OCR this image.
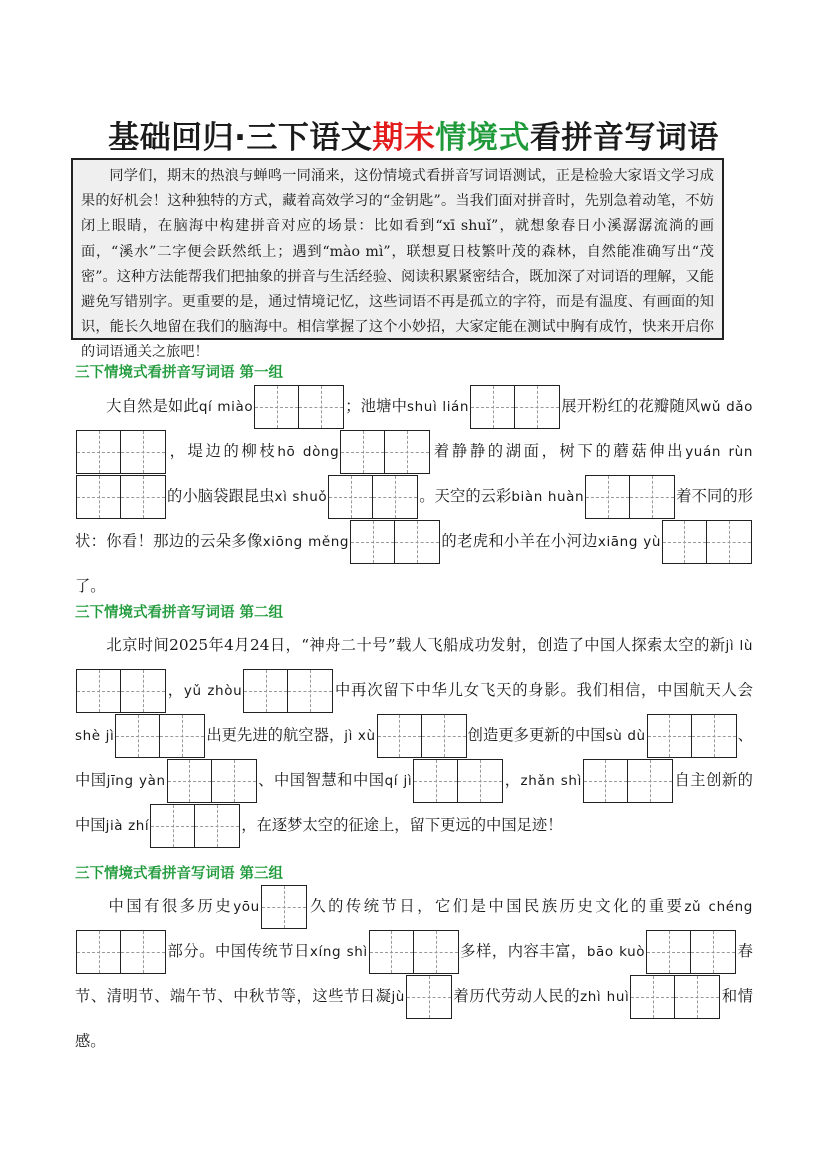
基础回归·三下语文期末情境式看拼音写词语

同学们，期末的热浪与蝉鸣一同涌来，这份情境式看拼音写词语测试，正是检验大家语文学习成果的好机会！这种独特的方式，藏着高效学习的“金钥匙”。当我们面对拼音时，先别急着动笔，不妨闭上眼睛，在脑海中构建拼音对应的场景：比如看到“xī shuǐ”，就想象春日小溪潺潺流淌的画面，“溪水”二字便会跃然纸上；遇到“mào mì”，联想夏日枝繁叶茂的森林，自然能准确写出“茂密”。这种方法能帮我们把抽象的拼音与生活经验、阅读积累紧密结合，既加深了对词语的理解，又能避免写错别字。更重要的是，通过情境记忆，这些词语不再是孤立的字符，而是有温度、有画面的知识，能长久地留在我们的脑海中。相信掌握了这个小妙招，大家定能在测试中胸有成竹，快来开启你的词语通关之旅吧！

三下情境式看拼音写词语 第一组
大自然是如此qí miào	；池塘中shuì lián	展开粉红的花瓣随风wǔ dǎo，堤边的柳枝hō dòng	着静静的湖面，树下的蘑菇伸出yuán rùn的小脑袋跟昆虫xì shuǒ	。天空的云彩biàn huàn	着不同的形状：你看！那边的云朵多像xiōng měng	的老虎和小羊在小河边xiāng yù了。
三下情境式看拼音写词语 第二组
北京时间2025年4月24日，“神舟二十号”载人飞船成功发射，创造了中国人探索太空的新jì lù，yǔ zhòu	中再次留下中华儿女飞天的身影。我们相信，中国航天人会shè jì	出更先进的航空器，jì xù	创造更多更新的中国sù dù	、中国jīng yàn	、中国智慧和中国qí jì	，zhǎn shì	自主创新的中国jià zhí	，在逐梦太空的征途上，留下更远的中国足迹！
三下情境式看拼音写词语 第三组
中国有很多历史yōu	久的传统节日，它们是中国民族历史文化的重要zǔ chéng部分。中国传统节日xíng shì	多样，内容丰富，bāo kuò	春节、清明节、端午节、中秋节等，这些节日凝jù	着历代劳动人民的zhì huì	和情感。
